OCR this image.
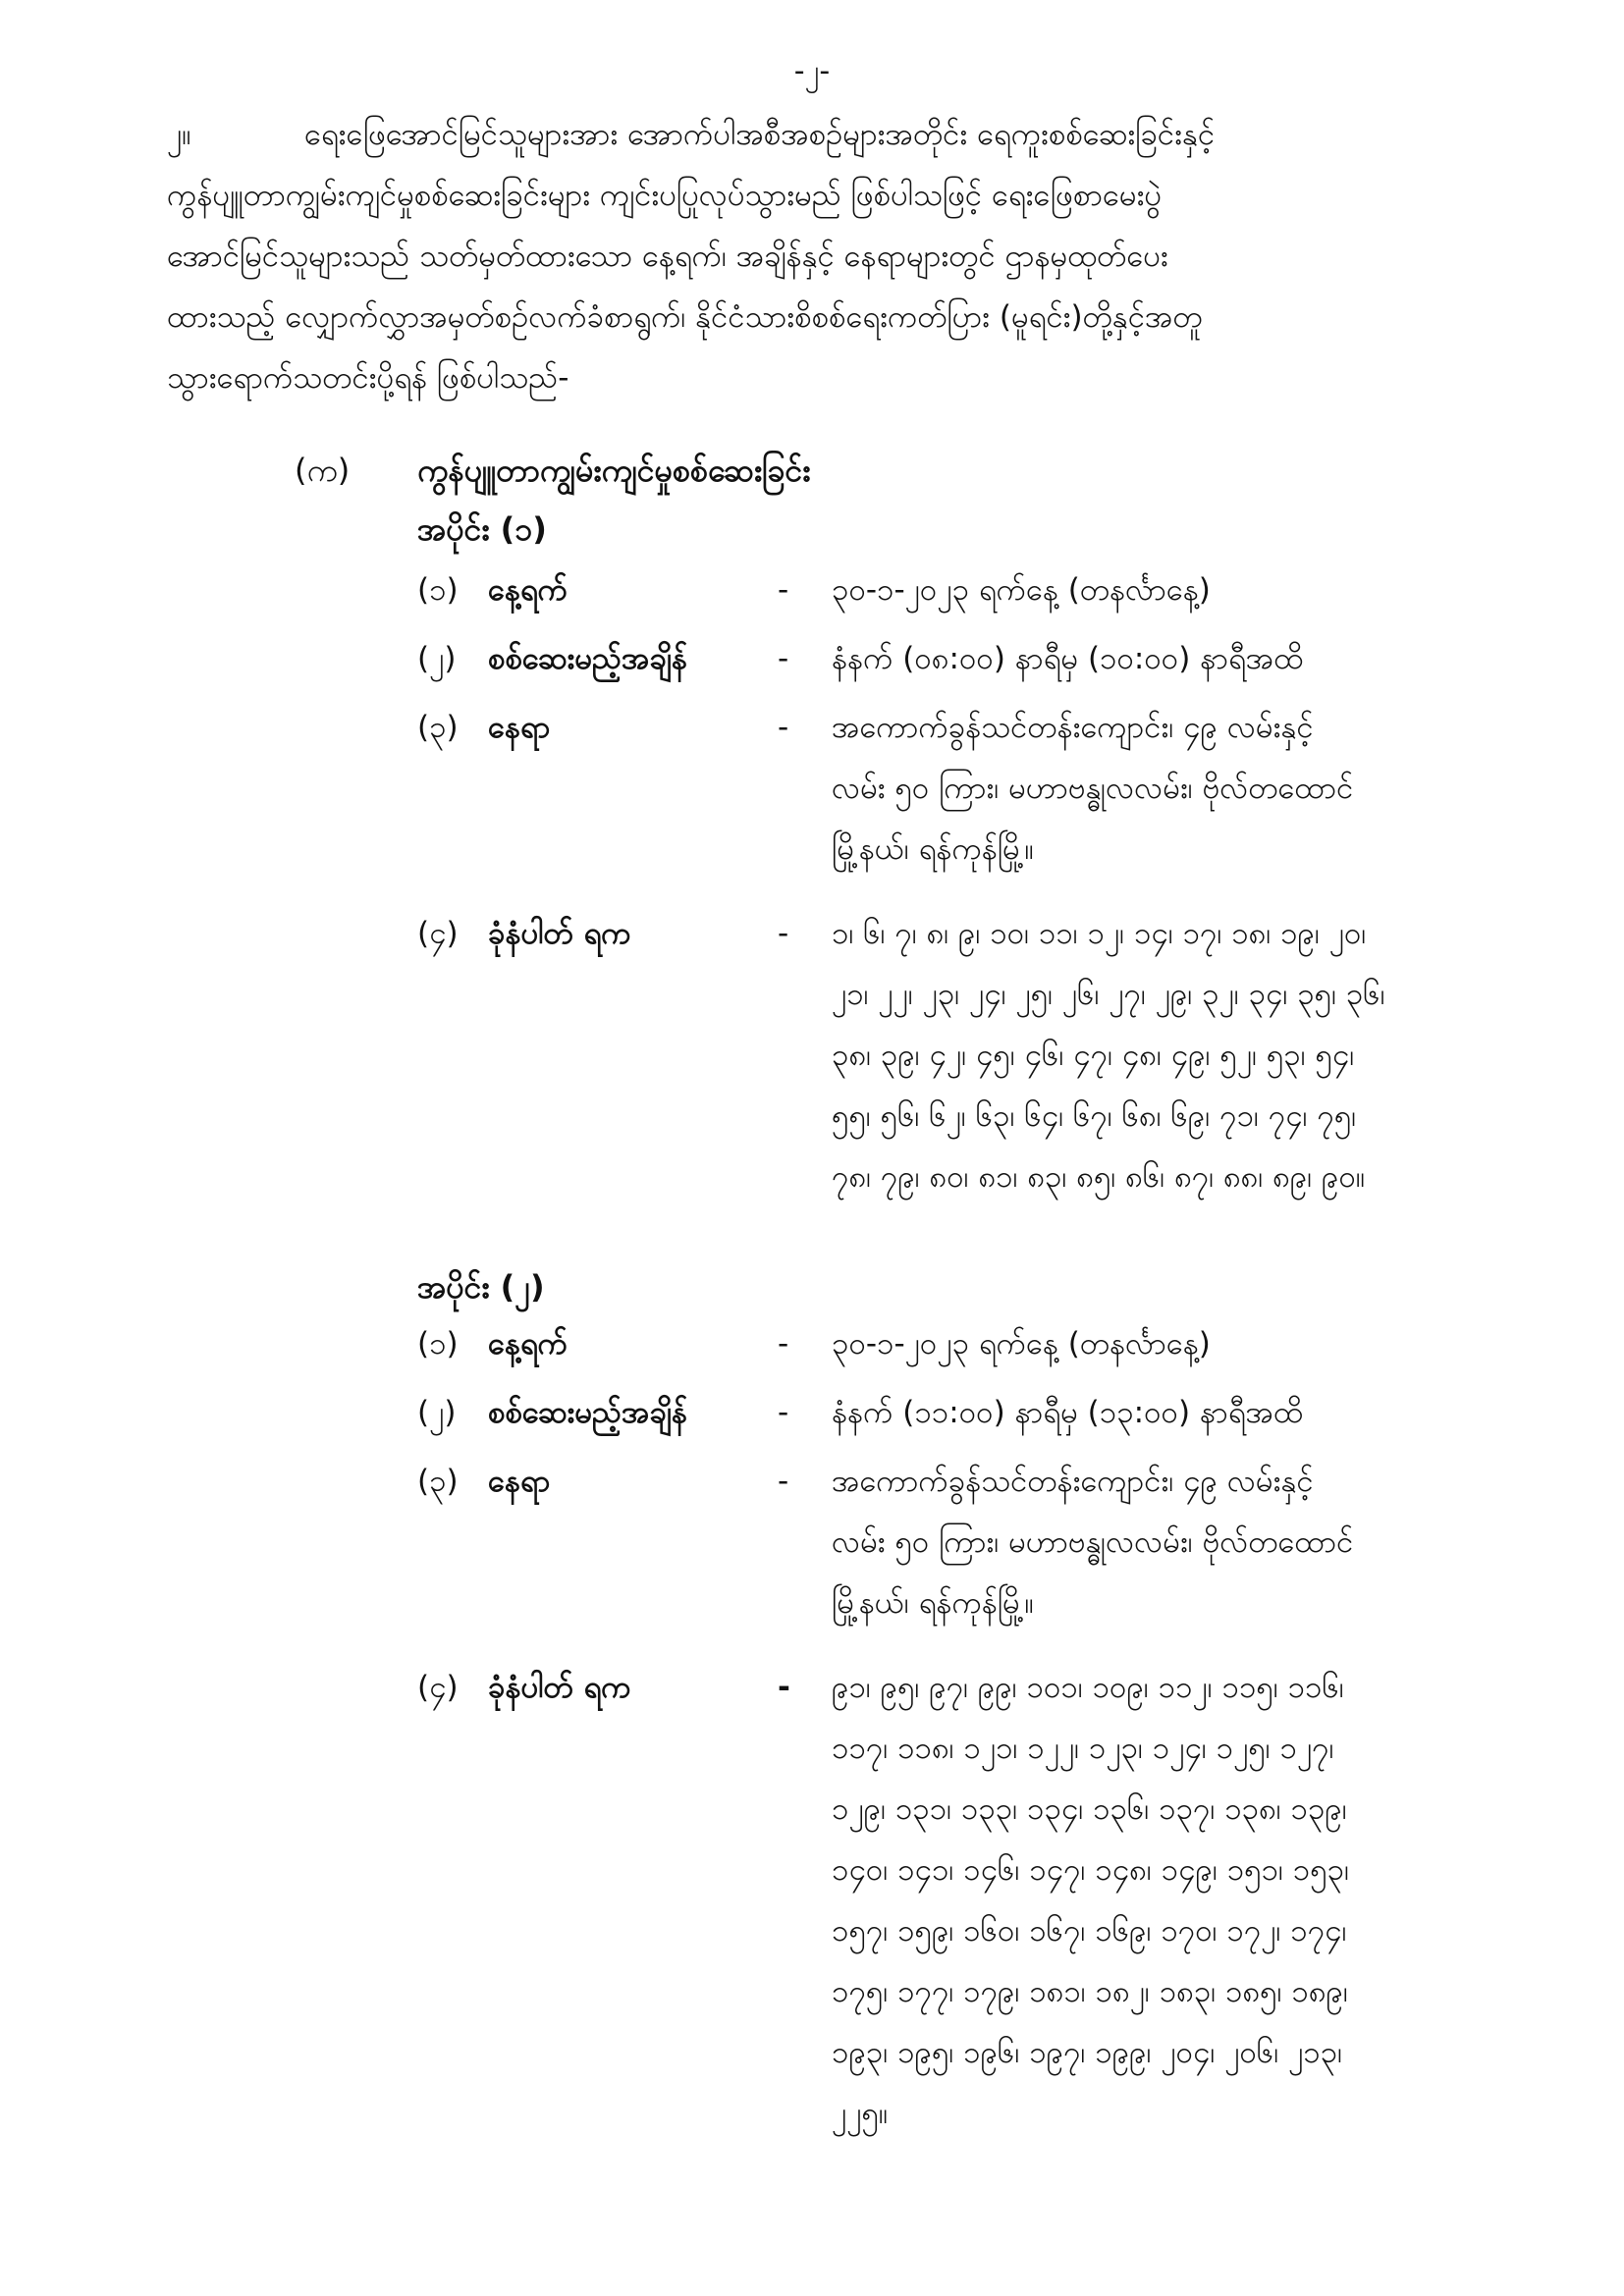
-၂-
၂။	ရေးဖြေအောင်မြင်သူများအား အောက်ပါအစီအစဉ်များအတိုင်း ရေကူးစစ်ဆေးခြင်းနှင့်
ကွန်ပျူတာကျွမ်းကျင်မှုစစ်ဆေးခြင်းများ ကျင်းပပြုလုပ်သွားမည် ဖြစ်ပါသဖြင့် ရေးဖြေစာမေးပွဲ
အောင်မြင်သူများသည် သတ်မှတ်ထားသော နေ့ရက်၊ အချိန်နှင့် နေရာများတွင် ဌာနမှထုတ်ပေး
ထားသည့် လျှောက်လွှာအမှတ်စဉ်လက်ခံစာရွက်၊ နိုင်ငံသားစိစစ်ရေးကတ်ပြား (မူရင်း)တို့နှင့်အတူ
သွားရောက်သတင်းပို့ရန် ဖြစ်ပါသည်-
(က)	ကွန်ပျူတာကျွမ်းကျင်မှုစစ်ဆေးခြင်း
အပိုင်း (၁)
(၁) နေ့ရက်	-	၃၀-၁-၂၀၂၃ ရက်နေ့ (တနင်္လာနေ့)
(၂)	စစ်ဆေးမည့်အချိန်	-	နံနက် (၀၈:၀၀) နာရီမှ (၁၀:၀၀) နာရီအထိ
(၃) နေရာ	-	အကောက်ခွန်သင်တန်းကျောင်း၊ ၄၉ လမ်းနှင့်
လမ်း ၅၀ ကြား၊ မဟာဗန္ဓုလလမ်း၊ ဗိုလ်တထောင်
မြို့နယ်၊ ရန်ကုန်မြို့။
(၄) ခုံနံပါတ် ရက	-	၁၊ ၆၊ ၇၊ ၈၊ ၉၊ ၁၀၊ ၁၁၊ ၁၂၊ ၁၄၊ ၁၇၊ ၁၈၊ ၁၉၊ ၂၀၊
၂၁၊ ၂၂၊ ၂၃၊ ၂၄၊ ၂၅၊ ၂၆၊ ၂၇၊ ၂၉၊ ၃၂၊ ၃၄၊ ၃၅၊ ၃၆၊
၃၈၊ ၃၉၊ ၄၂၊ ၄၅၊ ၄၆၊ ၄၇၊ ၄၈၊ ၄၉၊ ၅၂၊ ၅၃၊ ၅၄၊
၅၅၊ ၅၆၊ ၆၂၊ ၆၃၊ ၆၄၊ ၆၇၊ ၆၈၊ ၆၉၊ ၇၁၊ ၇၄၊ ၇၅၊
၇၈၊ ၇၉၊ ၈၀၊ ၈၁၊ ၈၃၊ ၈၅၊ ၈၆၊ ၈၇၊ ၈၈၊ ၈၉၊ ၉၀။
အပိုင်း (၂)
(၁) နေ့ရက်	-	၃၀-၁-၂၀၂၃ ရက်နေ့ (တနင်္လာနေ့)
(၂)	စစ်ဆေးမည့်အချိန်	-	နံနက် (၁၁:၀၀) နာရီမှ (၁၃:၀၀) နာရီအထိ
(၃) နေရာ	-	အကောက်ခွန်သင်တန်းကျောင်း၊ ၄၉ လမ်းနှင့်
လမ်း ၅၀ ကြား၊ မဟာဗန္ဓုလလမ်း၊ ဗိုလ်တထောင်
မြို့နယ်၊ ရန်ကုန်မြို့။
(၄) ခုံနံပါတ် ရက	-	၉၁၊ ၉၅၊ ၉၇၊ ၉၉၊ ၁၀၁၊ ၁၀၉၊ ၁၁၂၊ ၁၁၅၊ ၁၁၆၊
၁၁၇၊ ၁၁၈၊ ၁၂၁၊ ၁၂၂၊ ၁၂၃၊ ၁၂၄၊ ၁၂၅၊ ၁၂၇၊
၁၂၉၊ ၁၃၁၊ ၁၃၃၊ ၁၃၄၊ ၁၃၆၊ ၁၃၇၊ ၁၃၈၊ ၁၃၉၊
၁၄၀၊ ၁၄၁၊ ၁၄၆၊ ၁၄၇၊ ၁၄၈၊ ၁၄၉၊ ၁၅၁၊ ၁၅၃၊
၁၅၇၊ ၁၅၉၊ ၁၆၀၊ ၁၆၇၊ ၁၆၉၊ ၁၇၀၊ ၁၇၂၊ ၁၇၄၊
၁၇၅၊ ၁၇၇၊ ၁၇၉၊ ၁၈၁၊ ၁၈၂၊ ၁၈၃၊ ၁၈၅၊ ၁၈၉၊
၁၉၃၊ ၁၉၅၊ ၁၉၆၊ ၁၉၇၊ ၁၉၉၊ ၂၀၄၊ ၂၀၆၊ ၂၁၃၊
၂၂၅။
